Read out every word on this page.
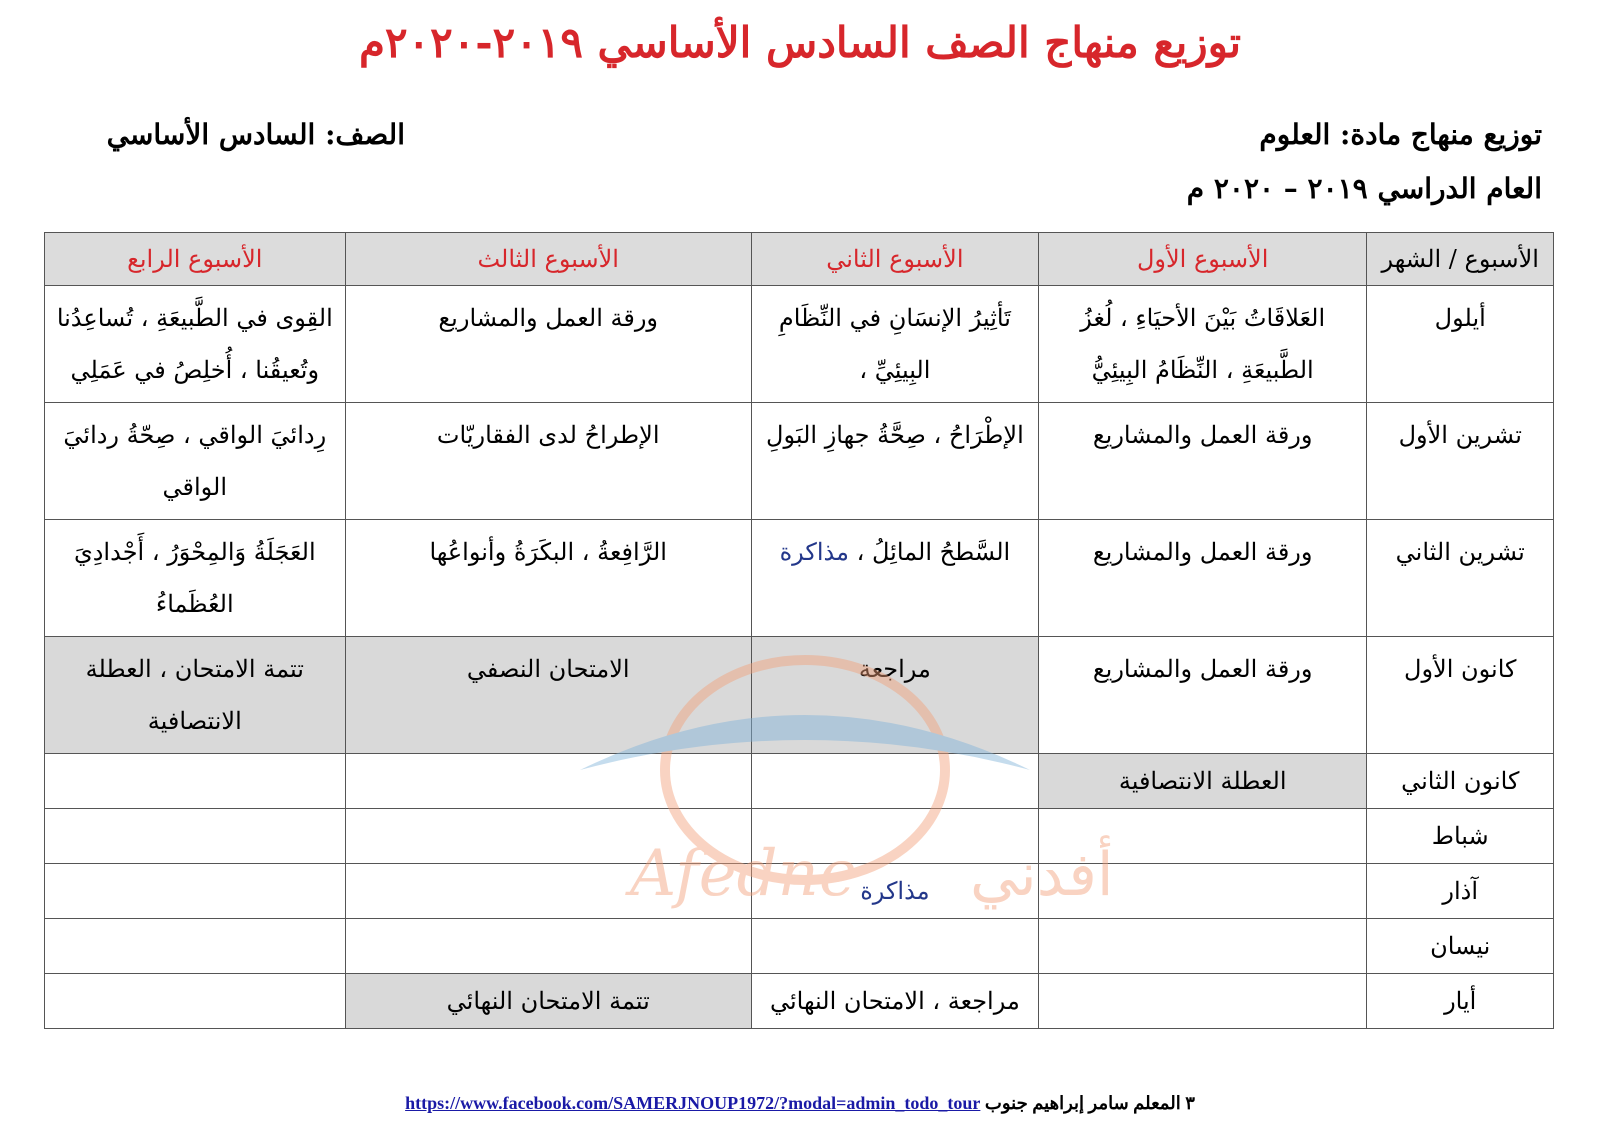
توزيع منهاج الصف السادس الأساسي ٢٠١٩-٢٠٢٠م
توزيع منهاج مادة: العلوم
الصف: السادس الأساسي
العام الدراسي ٢٠١٩ – ٢٠٢٠ م
الأسبوع / الشهر	الأسبوع الأول	الأسبوع الثاني	الأسبوع الثالث	الأسبوع الرابع
أيلول	العَلاقَاتُ بَيْنَ الأحيَاءِ ، لُغزُ الطَّبيعَةِ ، النِّظَامُ البِيئِيُّ	تَأثِيرُ الإنسَانِ في النِّظَامِ البِيئِيِّ ،	ورقة العمل والمشاريع	القِوى في الطَّبيعَةِ ، تُساعِدُنا وتُعيقُنا ، أُخلِصُ في عَمَلِي
تشرين الأول	ورقة العمل والمشاريع	الإطْرَاحُ ، صِحَّةُ جهازِ البَولِ	الإطراحُ لدى الفقاريّات	رِدائيَ الواقي ، صِحّةُ ردائيَ الواقي
تشرين الثاني	ورقة العمل والمشاريع	السَّطحُ المائِلُ ، مذاكرة	الرَّافِعةُ ، البكَرَةُ وأنواعُها	العَجَلَةُ وَالمِحْوَرُ ، أَجْدادِيَ العُظَماءُ
كانون الأول	ورقة العمل والمشاريع	مراجعة	الامتحان النصفي	تتمة الامتحان ، العطلة الانتصافية
كانون الثاني	العطلة الانتصافية			
شباط				
آذار		مذاكرة		
نيسان				
أيار		مراجعة ، الامتحان النهائي	تتمة الامتحان النهائي	
Afedne أفدني
٣ المعلم سامر إبراهيم جنوب https://www.facebook.com/SAMERJNOUP1972/?modal=admin_todo_tour
